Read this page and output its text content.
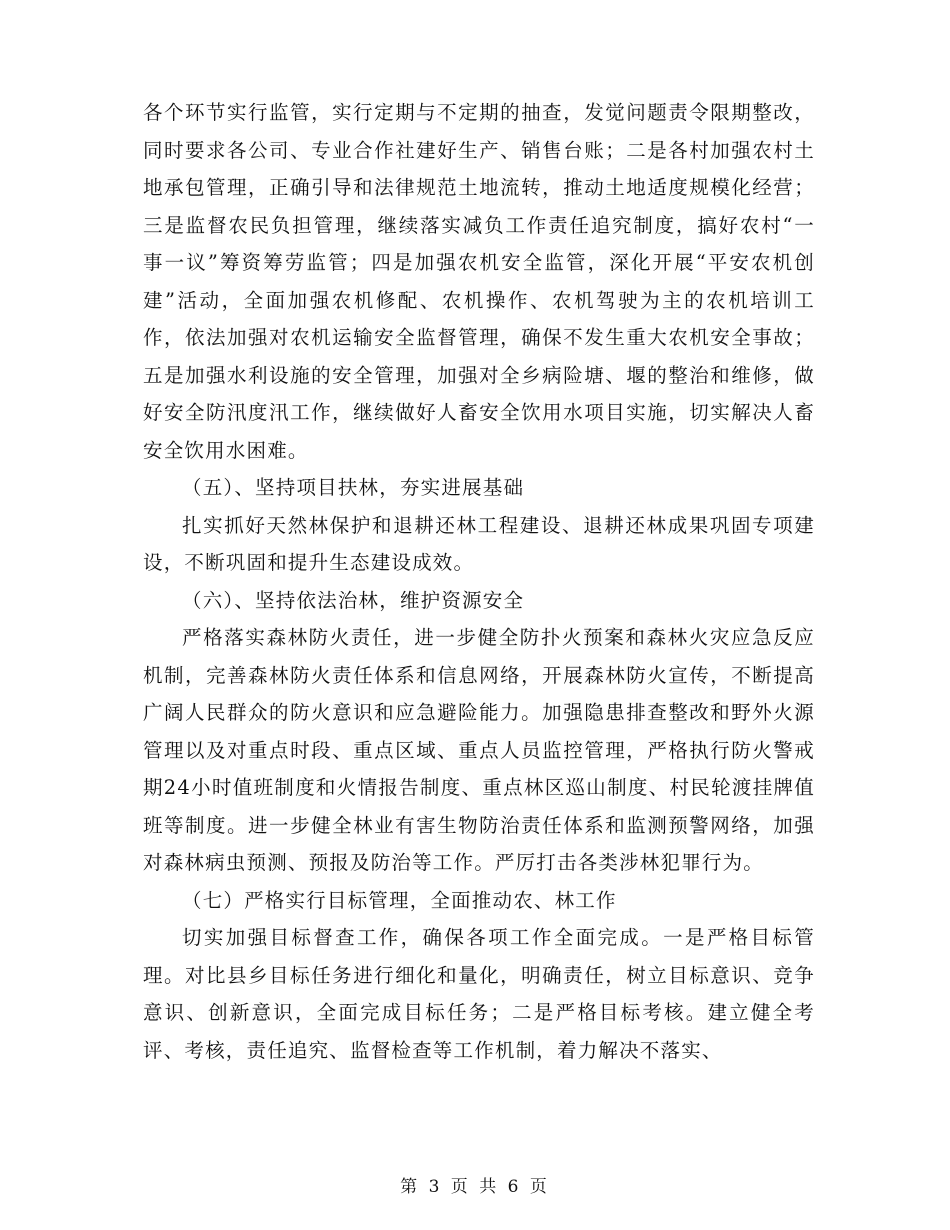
各个环节实行监管，实行定期与不定期的抽查，发觉问题责令限期整改，同时要求各公司、专业合作社建好生产、销售台账；二是各村加强农村土地承包管理，正确引导和法律规范土地流转，推动土地适度规模化经营；三是监督农民负担管理，继续落实减负工作责任追究制度，搞好农村“一事一议”筹资筹劳监管；四是加强农机安全监管，深化开展“平安农机创建”活动，全面加强农机修配、农机操作、农机驾驶为主的农机培训工作，依法加强对农机运输安全监督管理，确保不发生重大农机安全事故；五是加强水利设施的安全管理，加强对全乡病险塘、堰的整治和维修，做好安全防汛度汛工作，继续做好人畜安全饮用水项目实施，切实解决人畜安全饮用水困难。

（五）、坚持项目扶林，夯实进展基础

扎实抓好天然林保护和退耕还林工程建设、退耕还林成果巩固专项建设，不断巩固和提升生态建设成效。

（六）、坚持依法治林，维护资源安全

严格落实森林防火责任，进一步健全防扑火预案和森林火灾应急反应机制，完善森林防火责任体系和信息网络，开展森林防火宣传，不断提高广阔人民群众的防火意识和应急避险能力。加强隐患排查整改和野外火源管理以及对重点时段、重点区域、重点人员监控管理，严格执行防火警戒期24小时值班制度和火情报告制度、重点林区巡山制度、村民轮渡挂牌值班等制度。进一步健全林业有害生物防治责任体系和监测预警网络，加强对森林病虫预测、预报及防治等工作。严厉打击各类涉林犯罪行为。

（七）严格实行目标管理，全面推动农、林工作

切实加强目标督查工作，确保各项工作全面完成。一是严格目标管理。对比县乡目标任务进行细化和量化，明确责任，树立目标意识、竞争意识、创新意识，全面完成目标任务；二是严格目标考核。建立健全考评、考核，责任追究、监督检查等工作机制，着力解决不落实、

第 3 页 共 6 页
